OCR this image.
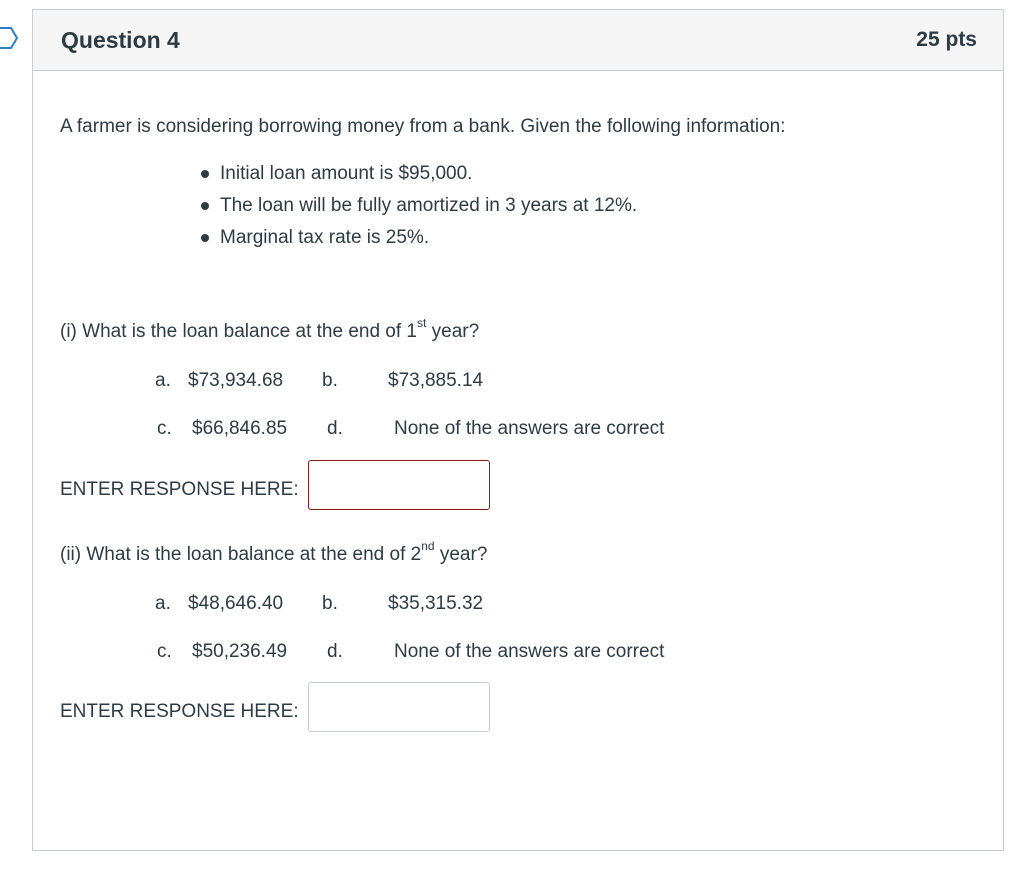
Question 4	25 pts
A farmer is considering borrowing money from a bank. Given the following information:
Initial loan amount is $95,000.
The loan will be fully amortized in 3 years at 12%.
Marginal tax rate is 25%.
(i) What is the loan balance at the end of 1st year?
a. $73,934.68 b.	$73,885.14
c. $66,846.85 d.	None of the answers are correct
ENTER RESPONSE HERE:
(ii) What is the loan balance at the end of 2nd year?
a. $48,646.40 b.	$35,315.32
c. $50,236.49 d.	None of the answers are correct
ENTER RESPONSE HERE:
